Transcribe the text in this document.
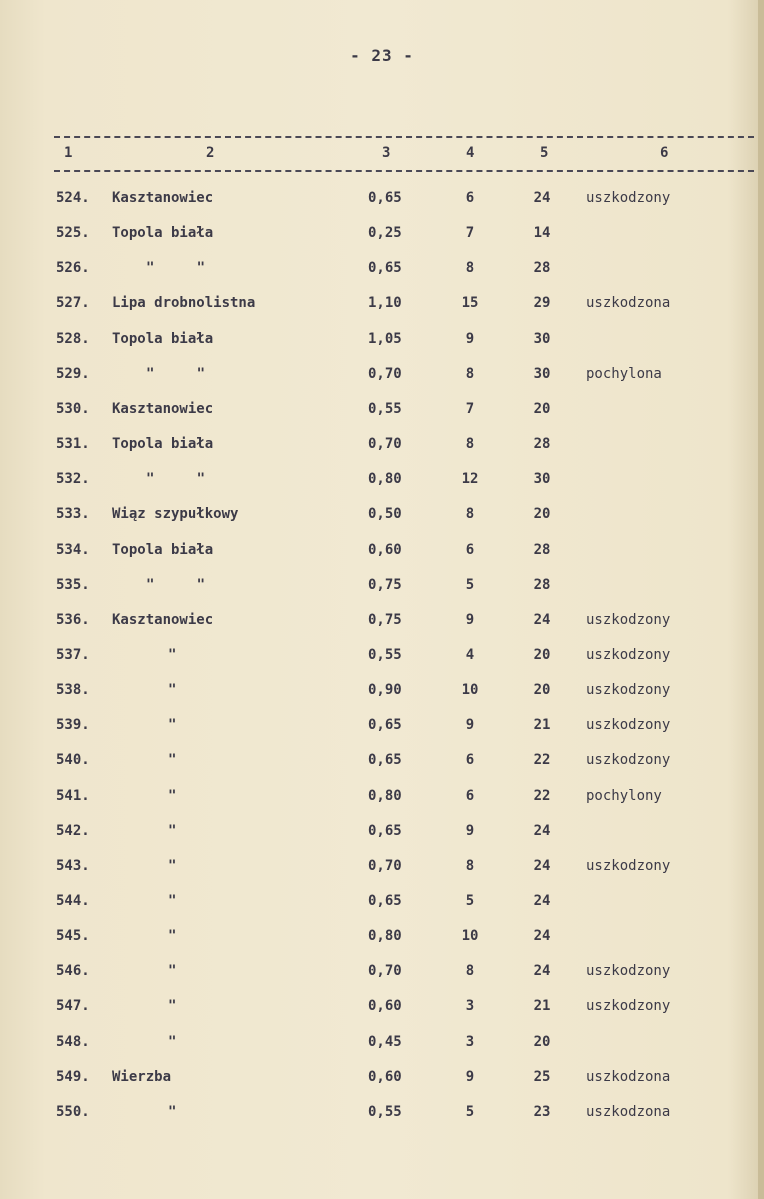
- 23 -
1	2	3	4	5	6
524. Kasztanowiec	0,65	6	24	uszkodzony
525. Topola biała	0,25	7	14
526.	"     "	0,65	8	28
527. Lipa drobnolistna	1,10	15	29	uszkodzona
528. Topola biała	1,05	9	30
529.	"     "	0,70	8	30	pochylona
530. Kasztanowiec	0,55	7	20
531. Topola biała	0,70	8	28
532.	"     "	0,80	12	30
533. Wiąz szypułkowy	0,50	8	20
534. Topola biała	0,60	6	28
535.	"     "	0,75	5	28
536. Kasztanowiec	0,75	9	24	uszkodzony
537.	"	0,55	4	20	uszkodzony
538.	"	0,90	10	20	uszkodzony
539.	"	0,65	9	21	uszkodzony
540.	"	0,65	6	22	uszkodzony
541.	"	0,80	6	22	pochylony
542.	"	0,65	9	24
543.	"	0,70	8	24	uszkodzony
544.	"	0,65	5	24
545.	"	0,80	10	24
546.	"	0,70	8	24	uszkodzony
547.	"	0,60	3	21	uszkodzony
548.	"	0,45	3	20
549. Wierzba	0,60	9	25	uszkodzona
550.	"	0,55	5	23	uszkodzona
